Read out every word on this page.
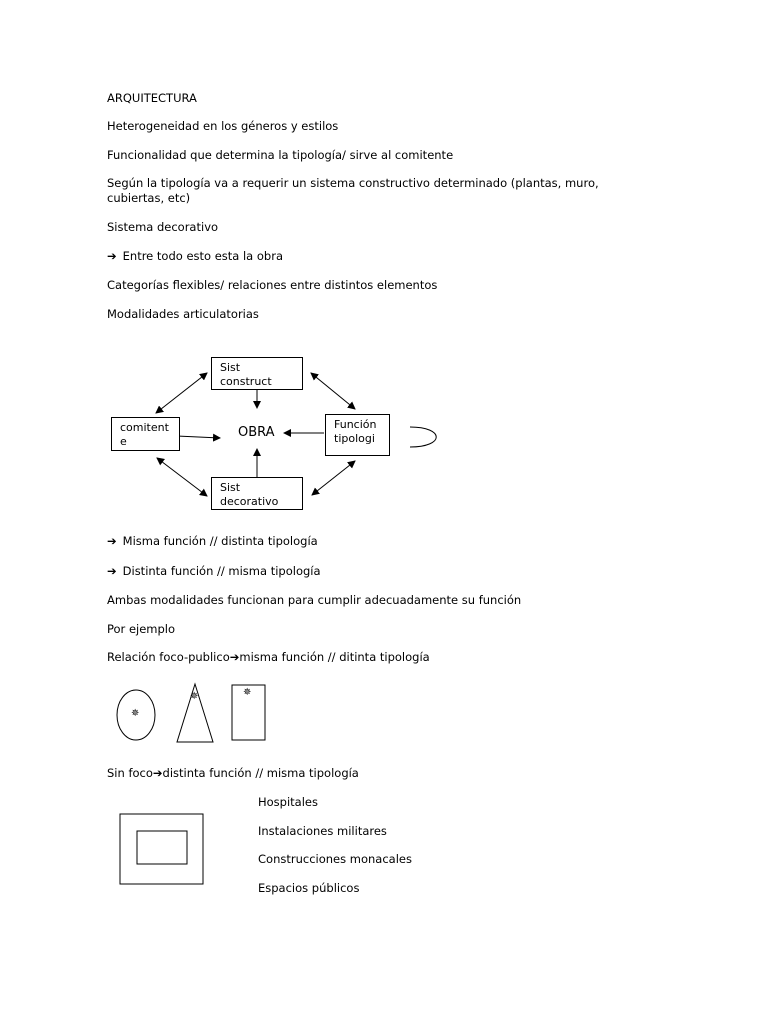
ARQUITECTURA

Heterogeneidad en los géneros y estilos

Funcionalidad que determina la tipología/ sirve al comitente

Según la tipología va a requerir un sistema constructivo determinado (plantas, muro, cubiertas, etc)

Sistema decorativo

➔ Entre todo esto esta la obra

Categorías flexibles/ relaciones entre distintos elementos

Modalidades articulatorias

Sist construct
comitent e
OBRA
Función tipologi
Sist decorativo

➔ Misma función // distinta tipología

➔ Distinta función // misma tipología

Ambas modalidades funcionan para cumplir adecuadamente su función

Por ejemplo

Relación foco-publico➔misma función // ditinta tipología

✵
✵	✵

Sin foco➔distinta función // misma tipología

Hospitales
Instalaciones militares
Construcciones monacales
Espacios públicos
